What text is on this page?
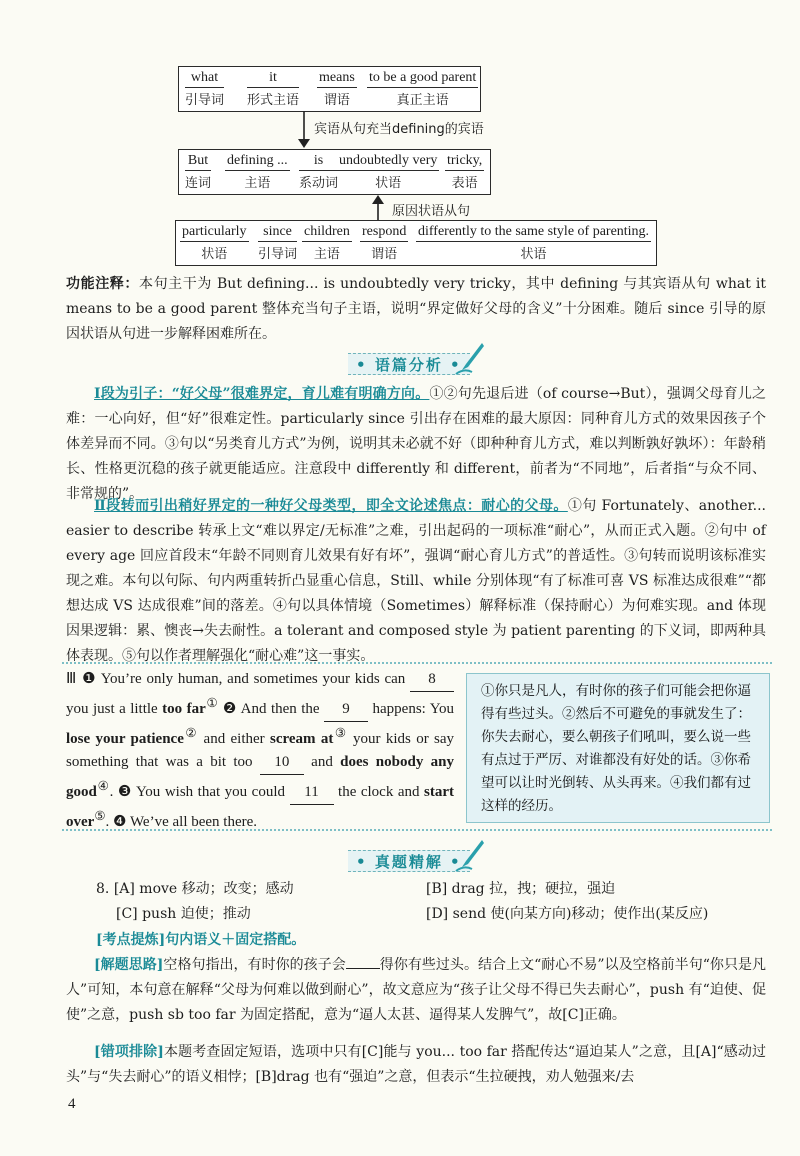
what
引导词
it
形式主语
means
谓语
to be a good parent
真正主语
宾语从句充当defining的宾语
But
连词
defining ...
主语
is
系动词
undoubtedly very
状语
tricky,
表语
原因状语从句
particularly
状语
since
引导词
children
主语
respond
谓语
differently to the same style of parenting.
状语
功能注释：本句主干为 But defining... is undoubtedly very tricky，其中 defining 与其宾语从句 what it means to be a good parent 整体充当句子主语，说明“界定做好父母的含义”十分困难。随后 since 引导的原因状语从句进一步解释困难所在。
• 语篇分析 •
Ⅰ段为引子：“好父母”很难界定，育儿难有明确方向。①②句先退后进（of course→But），强调父母育儿之难：一心向好，但“好”很难定性。particularly since 引出存在困难的最大原因：同种育儿方式的效果因孩子个体差异而不同。③句以“另类育儿方式”为例，说明其未必就不好（即种种育儿方式，难以判断孰好孰坏）：年龄稍长、性格更沉稳的孩子就更能适应。注意段中 differently 和 different，前者为“不同地”，后者指“与众不同、非常规的”。
Ⅱ段转而引出稍好界定的一种好父母类型，即全文论述焦点：耐心的父母。①句 Fortunately、another... easier to describe 转承上文“难以界定/无标准”之难，引出起码的一项标准“耐心”，从而正式入题。②句中 of every age 回应首段末“年龄不同则育儿效果有好有坏”，强调“耐心育儿方式”的普适性。③句转而说明该标准实现之难。本句以句际、句内两重转折凸显重心信息，Still、while 分别体现“有了标准可喜 VS 标准达成很难”“都想达成 VS 达成很难”间的落差。④句以具体情境（Sometimes）解释标准（保持耐心）为何难实现。and 体现因果逻辑：累、懊丧→失去耐性。a tolerant and composed style 为 patient parenting 的下义词，即两种具体表现。⑤句以作者理解强化“耐心难”这一事实。
Ⅲ ❶ You’re only human, and sometimes your kids can 8 you just a little too far① ❷ And then the 9 happens: You lose your patience② and either scream at③ your kids or say something that was a bit too 10 and does nobody any good④. ❸ You wish that you could 11 the clock and start over⑤. ❹ We’ve all been there.
①你只是凡人，有时你的孩子们可能会把你逼得有些过头。②然后不可避免的事就发生了：你失去耐心，要么朝孩子们吼叫，要么说一些有点过于严厉、对谁都没有好处的话。③你希望可以让时光倒转、从头再来。④我们都有过这样的经历。
• 真题精解 •
8. [A] move 移动；改变；感动	[B] drag 拉，拽；硬拉，强迫
[C] push 迫使；推动	[D] send 使(向某方向)移动；使作出(某反应)
[考点提炼]句内语义＋固定搭配。
[解题思路]空格句指出，有时你的孩子会 得你有些过头。结合上文“耐心不易”以及空格前半句“你只是凡人”可知，本句意在解释“父母为何难以做到耐心”，故文意应为“孩子让父母不得已失去耐心”，push 有“迫使、促使”之意，push sb too far 为固定搭配，意为“逼人太甚、逼得某人发脾气”，故[C]正确。
[错项排除]本题考查固定短语，选项中只有[C]能与 you... too far 搭配传达“逼迫某人”之意，且[A]“感动过头”与“失去耐心”的语义相悖；[B]drag 也有“强迫”之意，但表示“生拉硬拽，劝人勉强来/去
4
